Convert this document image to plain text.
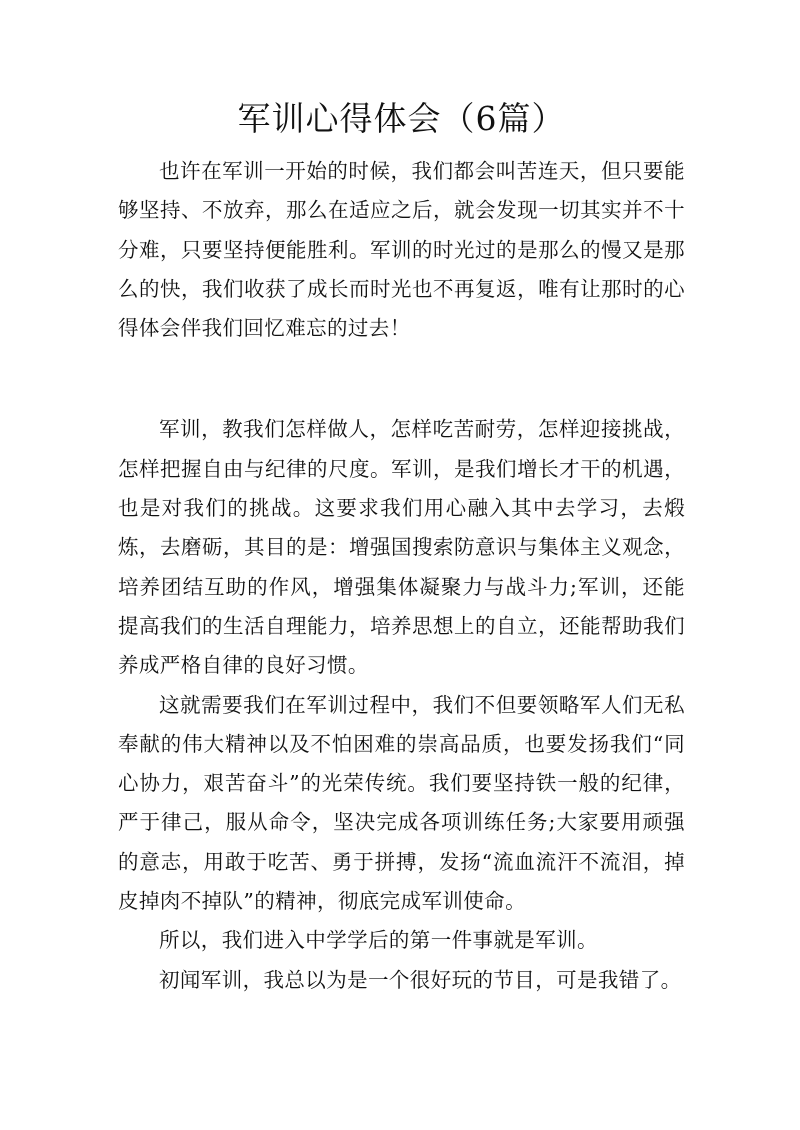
军训心得体会（6篇）

也许在军训一开始的时候，我们都会叫苦连天，但只要能够坚持、不放弃，那么在适应之后，就会发现一切其实并不十分难，只要坚持便能胜利。军训的时光过的是那么的慢又是那么的快，我们收获了成长而时光也不再复返，唯有让那时的心得体会伴我们回忆难忘的过去！

军训，教我们怎样做人，怎样吃苦耐劳，怎样迎接挑战，怎样把握自由与纪律的尺度。军训，是我们增长才干的机遇，也是对我们的挑战。这要求我们用心融入其中去学习，去煅炼，去磨砺，其目的是：增强国搜索防意识与集体主义观念，培养团结互助的作风，增强集体凝聚力与战斗力;军训，还能提高我们的生活自理能力，培养思想上的自立，还能帮助我们养成严格自律的良好习惯。

这就需要我们在军训过程中，我们不但要领略军人们无私奉献的伟大精神以及不怕困难的崇高品质，也要发扬我们“同心协力，艰苦奋斗”的光荣传统。我们要坚持铁一般的纪律，严于律己，服从命令，坚决完成各项训练任务;大家要用顽强的意志，用敢于吃苦、勇于拼搏，发扬“流血流汗不流泪，掉皮掉肉不掉队”的精神，彻底完成军训使命。

所以，我们进入中学学后的第一件事就是军训。

初闻军训，我总以为是一个很好玩的节目，可是我错了。
